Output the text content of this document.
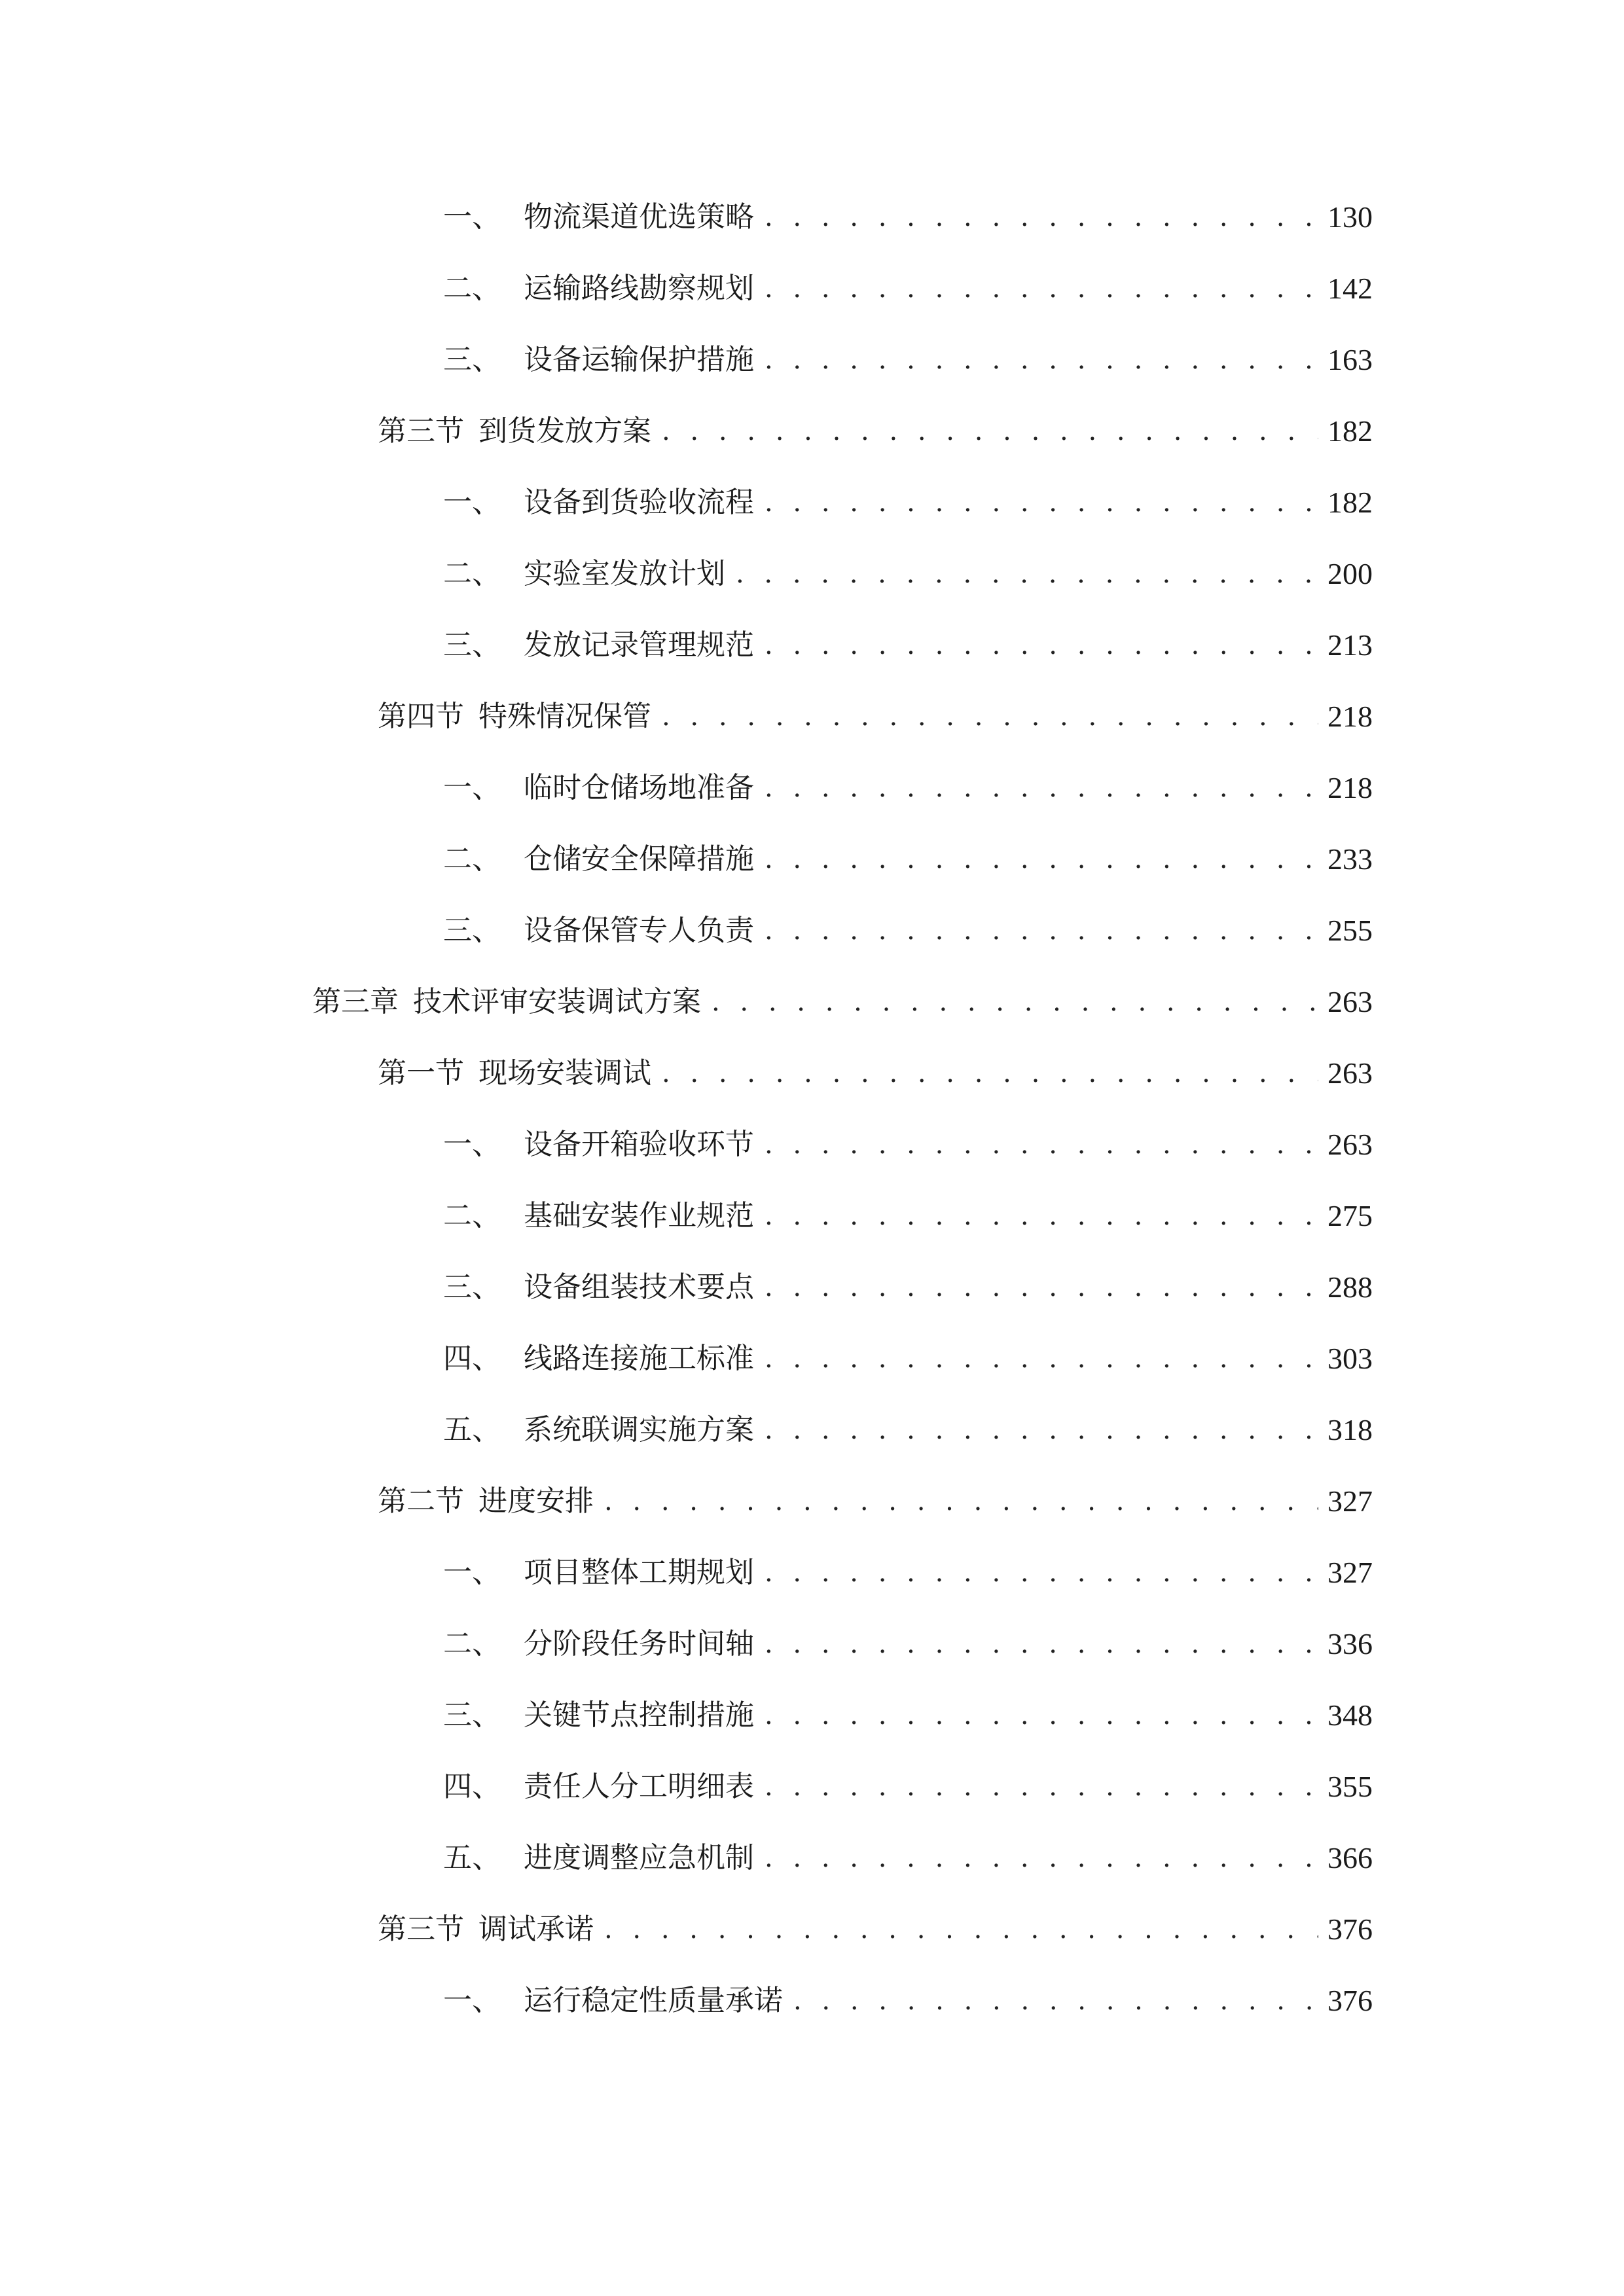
一、 物流渠道优选策略 . . .	130
二、 运输路线勘察规划 . . .	142
三、 设备运输保护措施 . . .	163
第三节 到货发放方案 . . .	182
一、 设备到货验收流程 . . .	182
二、 实验室发放计划 . . .	200
三、 发放记录管理规范 . . .	213
第四节 特殊情况保管 . . .	218
一、 临时仓储场地准备 . . .	218
二、 仓储安全保障措施 . . .	233
三、 设备保管专人负责 . . .	255
第三章 技术评审安装调试方案 . . .	263
第一节 现场安装调试 . . .	263
一、 设备开箱验收环节 . . .	263
二、 基础安装作业规范 . . .	275
三、 设备组装技术要点 . . .	288
四、 线路连接施工标准 . . .	303
五、 系统联调实施方案 . . .	318
第二节 进度安排 . . .	327
一、 项目整体工期规划 . . .	327
二、 分阶段任务时间轴 . . .	336
三、 关键节点控制措施 . . .	348
四、 责任人分工明细表 . . .	355
五、 进度调整应急机制 . . .	366
第三节 调试承诺 . . .	376
一、 运行稳定性质量承诺 . . .	376
